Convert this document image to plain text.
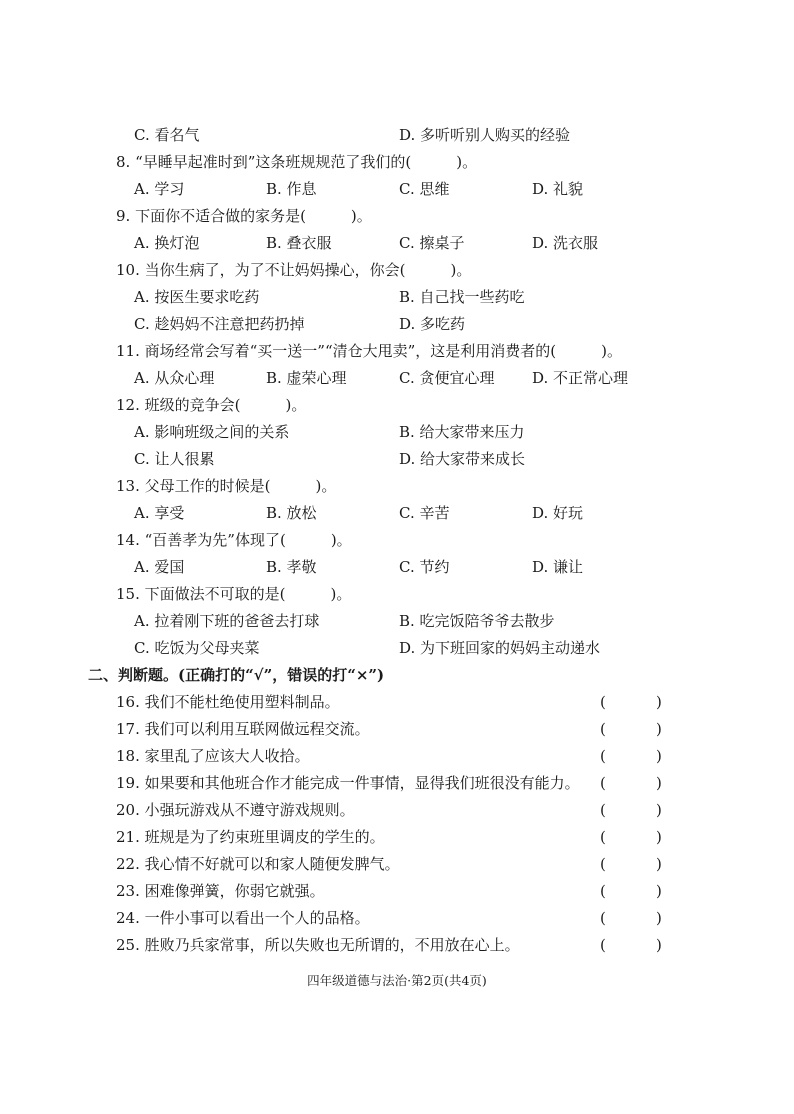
C. 看名气	D. 多听听别人购买的经验
8. “早睡早起准时到”这条班规规范了我们的(　　　)。
A. 学习	B. 作息	C. 思维	D. 礼貌
9. 下面你不适合做的家务是(　　　)。
A. 换灯泡	B. 叠衣服	C. 擦桌子	D. 洗衣服
10. 当你生病了，为了不让妈妈操心，你会(　　　)。
A. 按医生要求吃药	B. 自己找一些药吃
C. 趁妈妈不注意把药扔掉	D. 多吃药
11. 商场经常会写着“买一送一”“清仓大甩卖”，这是利用消费者的(　　　)。
A. 从众心理	B. 虚荣心理	C. 贪便宜心理	D. 不正常心理
12. 班级的竞争会(　　　)。
A. 影响班级之间的关系	B. 给大家带来压力
C. 让人很累	D. 给大家带来成长
13. 父母工作的时候是(　　　)。
A. 享受	B. 放松	C. 辛苦	D. 好玩
14. “百善孝为先”体现了(　　　)。
A. 爱国	B. 孝敬	C. 节约	D. 谦让
15. 下面做法不可取的是(　　　)。
A. 拉着刚下班的爸爸去打球	B. 吃完饭陪爷爷去散步
C. 吃饭为父母夹菜	D. 为下班回家的妈妈主动递水
二、判断题。(正确打的“√”，错误的打“×”)
16. 我们不能杜绝使用塑料制品。	(	)
17. 我们可以利用互联网做远程交流。	(	)
18. 家里乱了应该大人收拾。	(	)
19. 如果要和其他班合作才能完成一件事情，显得我们班很没有能力。 (	)
20. 小强玩游戏从不遵守游戏规则。	(	)
21. 班规是为了约束班里调皮的学生的。	(	)
22. 我心情不好就可以和家人随便发脾气。	(	)
23. 困难像弹簧，你弱它就强。	(	)
24. 一件小事可以看出一个人的品格。	(	)
25. 胜败乃兵家常事，所以失败也无所谓的，不用放在心上。	(	)
四年级道德与法治·第2页(共4页)
